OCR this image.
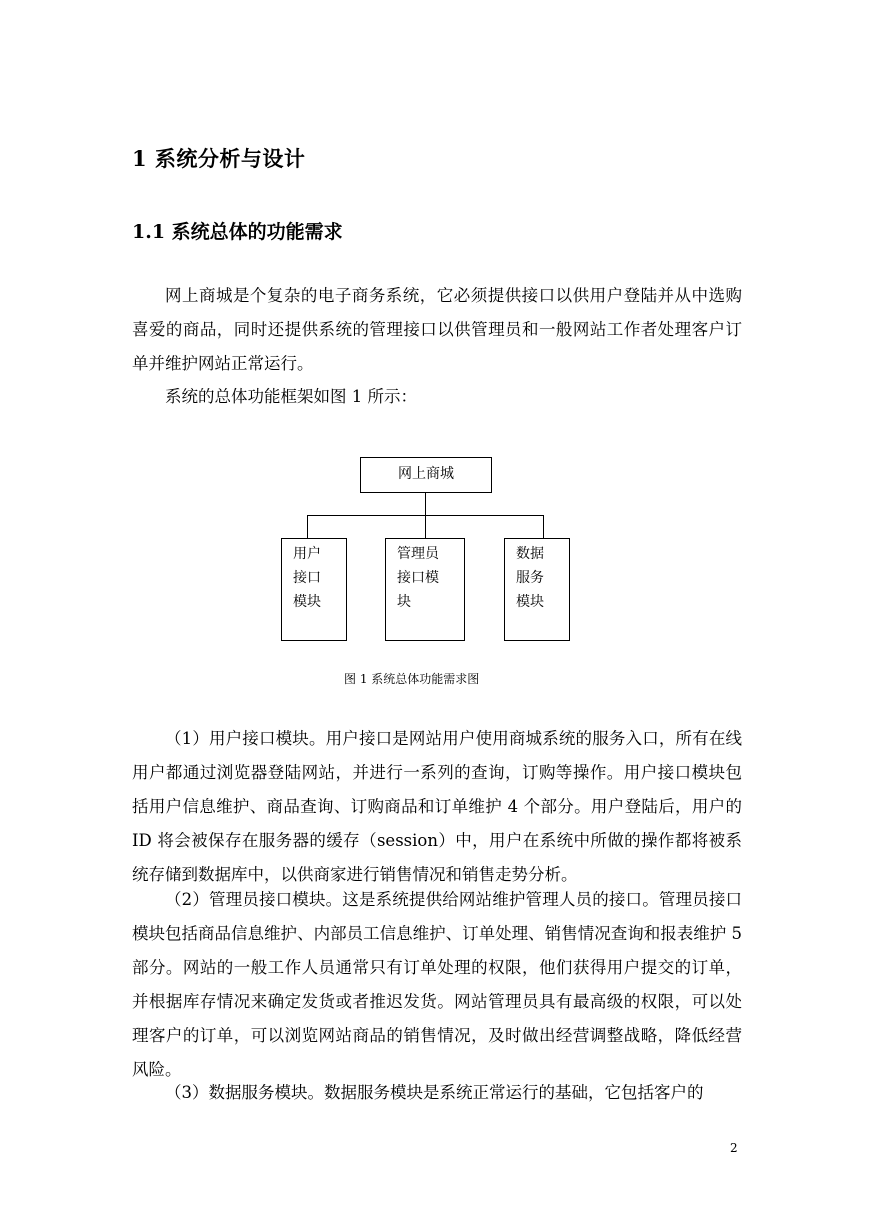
1 系统分析与设计
1.1 系统总体的功能需求
网上商城是个复杂的电子商务系统，它必须提供接口以供用户登陆并从中选购喜爱的商品，同时还提供系统的管理接口以供管理员和一般网站工作者处理客户订单并维护网站正常运行。
系统的总体功能框架如图 1 所示：
网上商城
用户
接口
模块
管理员
接口模
块
数据
服务
模块
图 1 系统总体功能需求图
（1）用户接口模块。用户接口是网站用户使用商城系统的服务入口，所有在线用户都通过浏览器登陆网站，并进行一系列的查询，订购等操作。用户接口模块包括用户信息维护、商品查询、订购商品和订单维护 4 个部分。用户登陆后，用户的 ID 将会被保存在服务器的缓存（session）中，用户在系统中所做的操作都将被系统存储到数据库中，以供商家进行销售情况和销售走势分析。
（2）管理员接口模块。这是系统提供给网站维护管理人员的接口。管理员接口模块包括商品信息维护、内部员工信息维护、订单处理、销售情况查询和报表维护 5 部分。网站的一般工作人员通常只有订单处理的权限，他们获得用户提交的订单，并根据库存情况来确定发货或者推迟发货。网站管理员具有最高级的权限，可以处理客户的订单，可以浏览网站商品的销售情况，及时做出经营调整战略，降低经营风险。
（3）数据服务模块。数据服务模块是系统正常运行的基础，它包括客户的
2
